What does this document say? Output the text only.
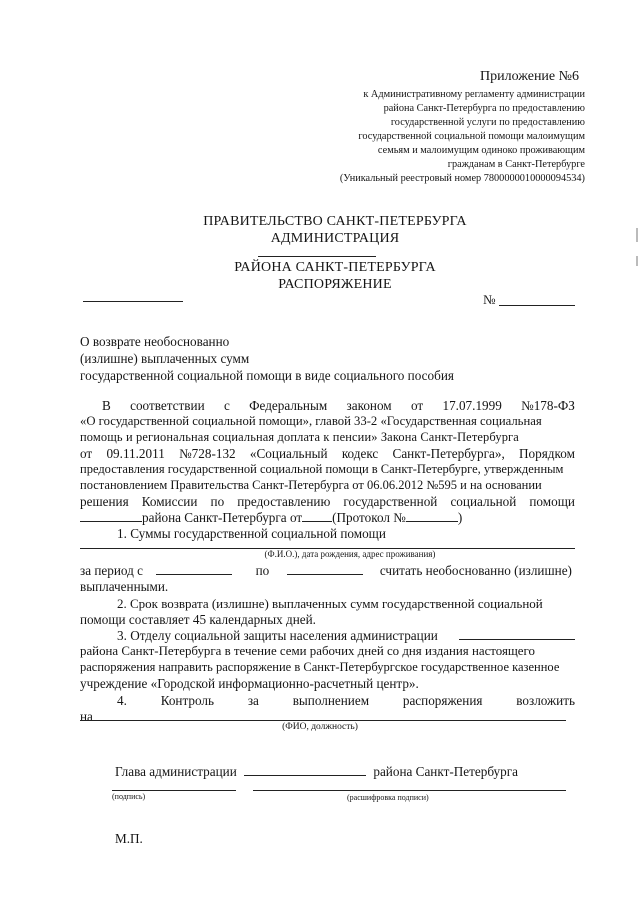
Приложение №6
к Административному регламенту администрации
района Санкт-Петербурга по предоставлению
государственной услуги по предоставлению
государственной социальной помощи малоимущим
семьям и малоимущим одиноко проживающим
гражданам в Санкт-Петербурге
(Уникальный реестровый номер 7800000010000094534)
ПРАВИТЕЛЬСТВО САНКТ-ПЕТЕРБУРГА
АДМИНИСТРАЦИЯ
РАЙОНА САНКТ-ПЕТЕРБУРГА
РАСПОРЯЖЕНИЕ
№
О возврате необоснованно
(излишне) выплаченных сумм
государственной социальной помощи в виде социального пособия
В соответствии с Федеральным законом от 17.07.1999 №178-ФЗ
«О государственной социальной помощи», главой 33-2 «Государственная социальная
помощь и региональная социальная доплата к пенсии» Закона Санкт-Петербурга
от 09.11.2011 №728-132 «Социальный кодекс Санкт-Петербурга», Порядком
предоставления государственной социальной помощи в Санкт-Петербурге, утвержденным
постановлением Правительства Санкт-Петербурга от 06.06.2012 №595 и на основании
решения Комиссии по предоставлению государственной социальной помощи
района Санкт-Петербурга от (Протокол №	)
1. Суммы государственной социальной помощи
(Ф.И.О.), дата рождения, адрес проживания)
за период с	по	считать необоснованно (излишне)
выплаченными.
2. Срок возврата (излишне) выплаченных сумм государственной социальной
помощи составляет 45 календарных дней.
3. Отделу социальной защиты населения администрации
района Санкт-Петербурга в течение семи рабочих дней со дня издания настоящего
распоряжения направить распоряжение в Санкт-Петербургское государственное казенное
учреждение «Городской информационно-расчетный центр».
4.	Контроль	за	выполнением	распоряжения	возложить
на
(ФИО, должность)
Глава администрации	района Санкт-Петербурга
(подпись)	(расшифровка подписи)
М.П.
